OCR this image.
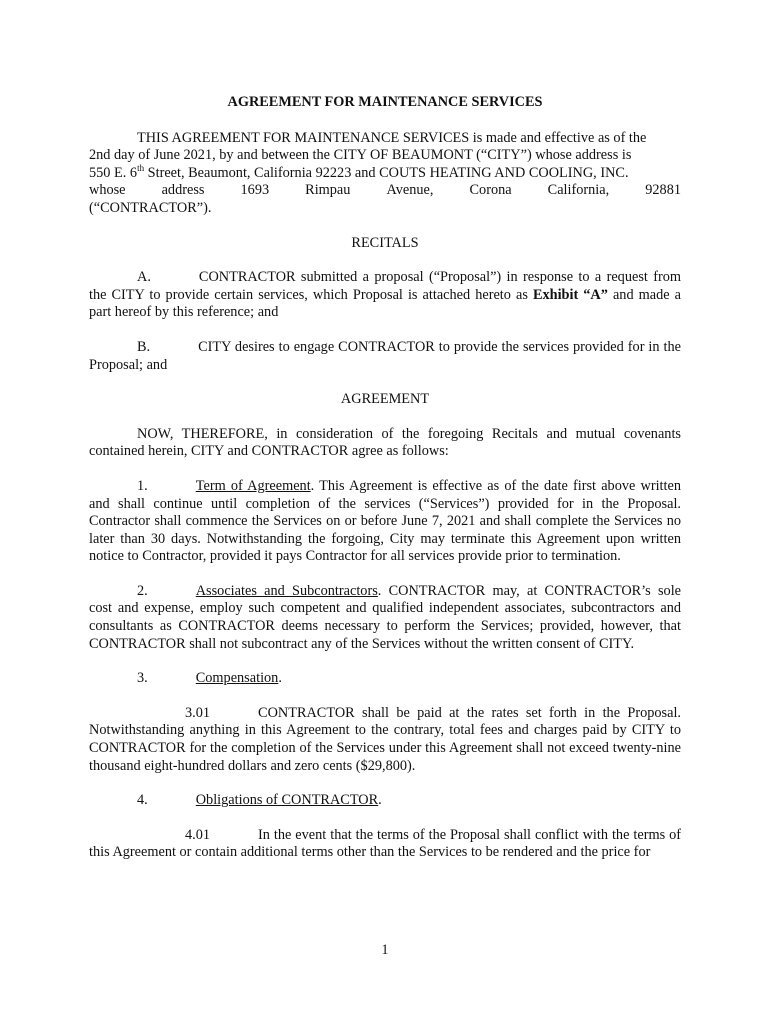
AGREEMENT FOR MAINTENANCE SERVICES

THIS AGREEMENT FOR MAINTENANCE SERVICES is made and effective as of the

2nd day of June 2021, by and between the CITY OF BEAUMONT (“CITY”) whose address is

550 E. 6th Street, Beaumont, California 92223 and COUTS HEATING AND COOLING, INC.

whose	address	1693	Rimpau	Avenue,	Corona	California,	92881

(“CONTRACTOR”).

RECITALS

A.	CONTRACTOR submitted a proposal (“Proposal”) in response to a request from the CITY to provide certain services, which Proposal is attached hereto as Exhibit “A” and made a part hereof by this reference; and

B.	CITY desires to engage CONTRACTOR to provide the services provided for in the Proposal; and

AGREEMENT

NOW, THEREFORE, in consideration of the foregoing Recitals and mutual covenants contained herein, CITY and CONTRACTOR agree as follows:

1.	Term of Agreement. This Agreement is effective as of the date first above written and shall continue until completion of the services (“Services”) provided for in the Proposal. Contractor shall commence the Services on or before June 7, 2021 and shall complete the Services no later than 30 days. Notwithstanding the forgoing, City may terminate this Agreement upon written notice to Contractor, provided it pays Contractor for all services provide prior to termination.

2.	Associates and Subcontractors. CONTRACTOR may, at CONTRACTOR’s sole cost and expense, employ such competent and qualified independent associates, subcontractors and consultants as CONTRACTOR deems necessary to perform the Services; provided, however, that CONTRACTOR shall not subcontract any of the Services without the written consent of CITY.

3.	Compensation.

3.01	CONTRACTOR shall be paid at the rates set forth in the Proposal. Notwithstanding anything in this Agreement to the contrary, total fees and charges paid by CITY to CONTRACTOR for the completion of the Services under this Agreement shall not exceed twenty-nine thousand eight-hundred dollars and zero cents ($29,800).

4.	Obligations of CONTRACTOR.

4.01	In the event that the terms of the Proposal shall conflict with the terms of this Agreement or contain additional terms other than the Services to be rendered and the price for

1
